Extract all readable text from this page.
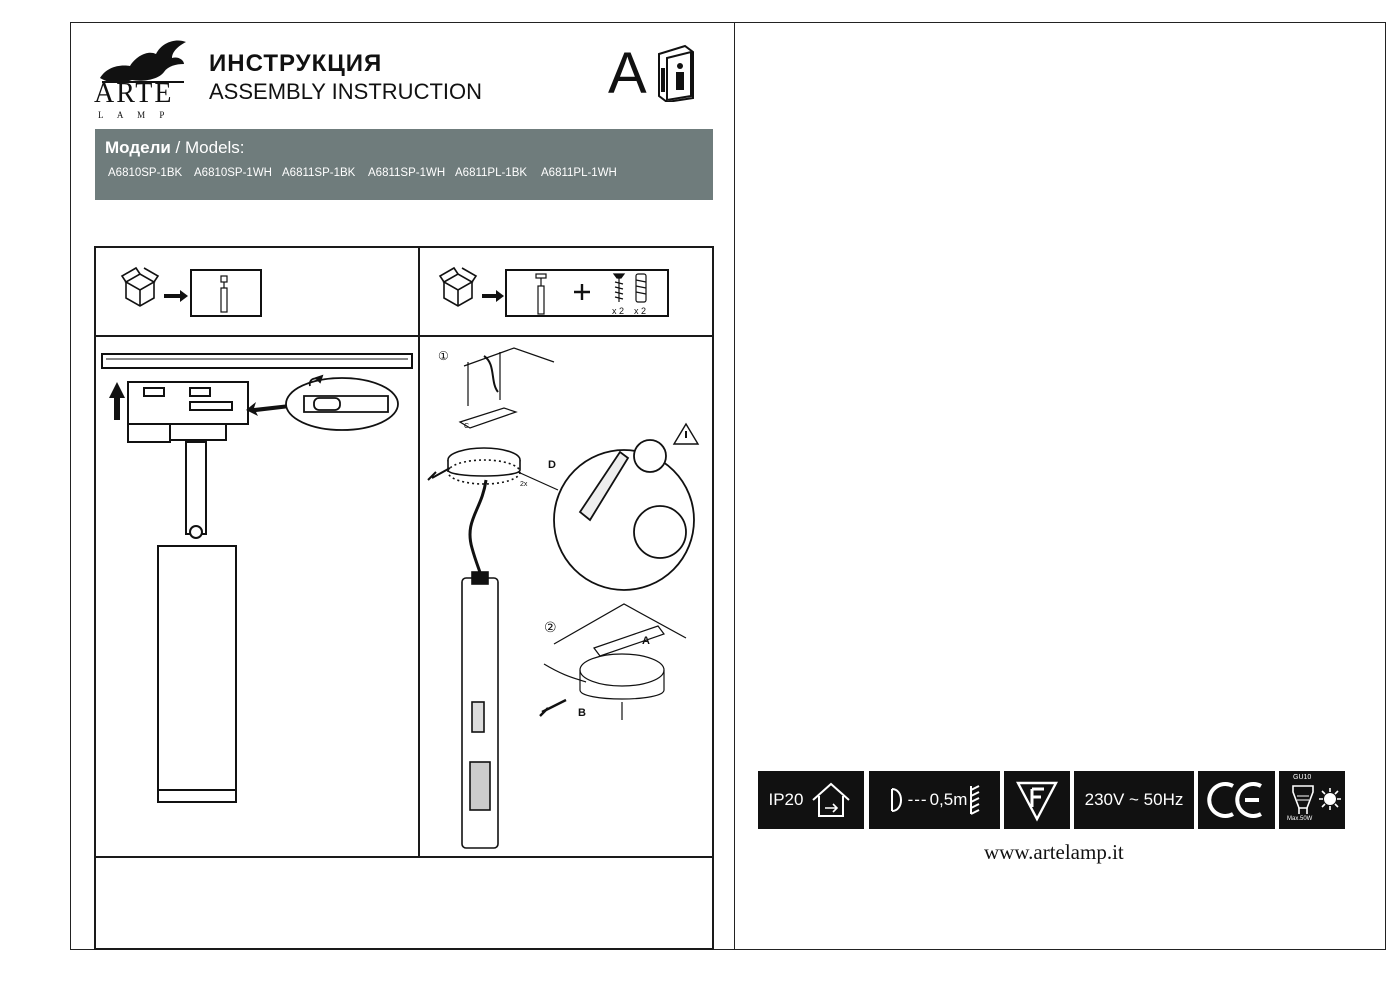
ARTE
L A M P
ИНСТРУКЦИЯ
ASSEMBLY INSTRUCTION A
Модели / Models:
A6810SP-1BK A6810SP-1WH A6811SP-1BK A6811SP-1WH A6811PL-1BK A6811PL-1WH
x 2 x 2
①
D
2x
C
②
A
B
IP20	--- 0,5m	230V ~ 50Hz
GU10
Max.50W
www.artelamp.it
